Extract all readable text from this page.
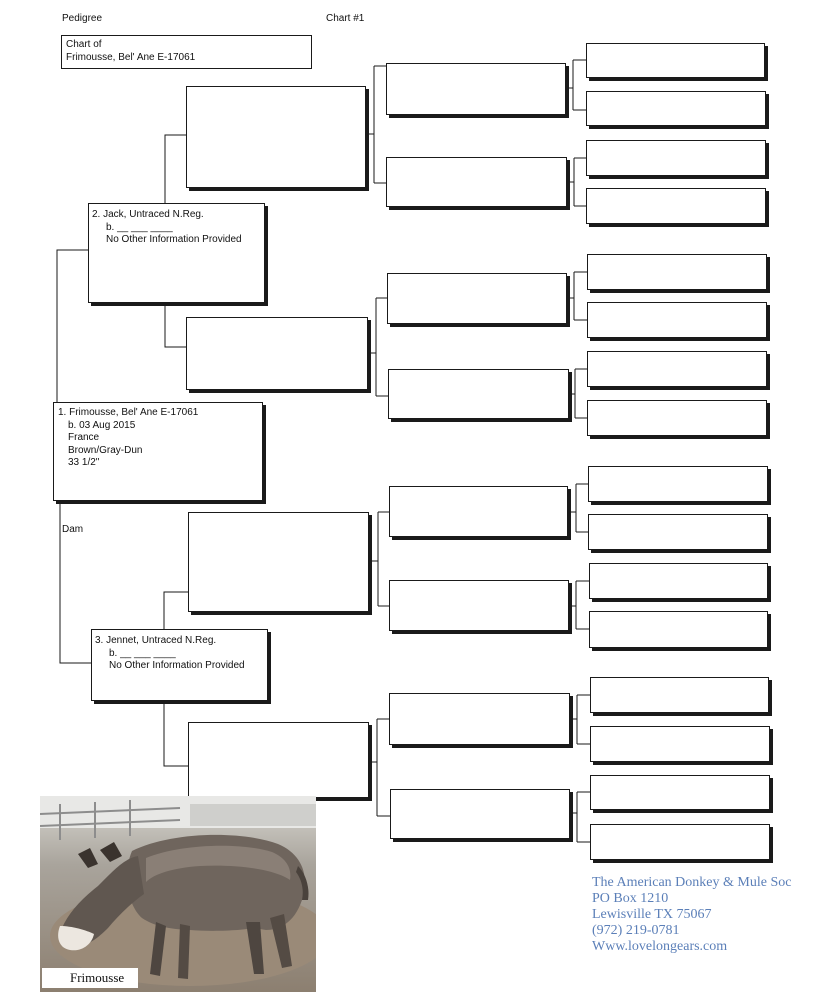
Pedigree	Chart #1
Chart of
Frimousse, Bel' Ane E-17061
1. Frimousse, Bel' Ane E-17061
b. 03 Aug 2015
France
Brown/Gray-Dun
33 1/2"
2. Jack, Untraced N.Reg.
b. __ ___ ____
No Other Information Provided
Dam
3. Jennet, Untraced N.Reg.
b. __ ___ ____
No Other Information Provided
Frimousse
The American Donkey & Mule Soc
PO Box 1210
Lewisville TX 75067
(972) 219-0781
Www.lovelongears.com
